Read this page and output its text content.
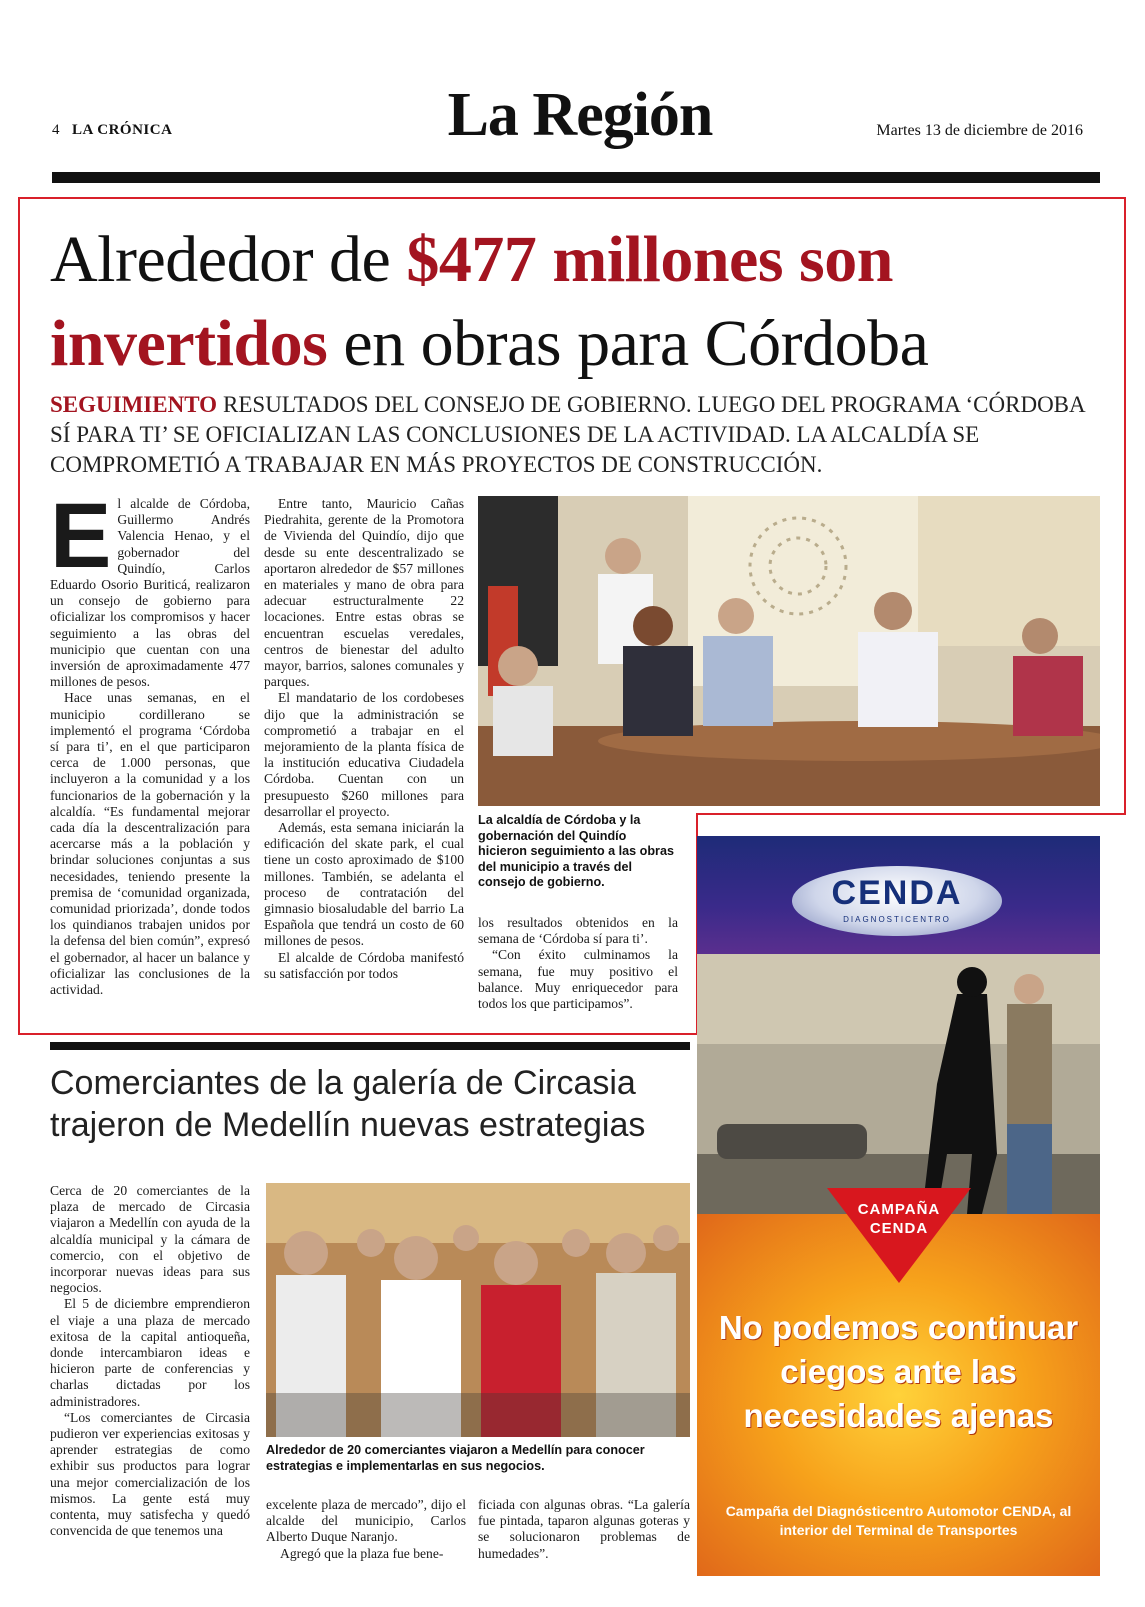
4 LA CRÓNICA	La Región	Martes 13 de diciembre de 2016
Alrededor de $477 millones son
invertidos en obras para Córdoba
SEGUIMIENTO RESULTADOS DEL CONSEJO DE GOBIERNO. LUEGO DEL PROGRAMA ‘CÓRDOBA SÍ PARA TI’ SE OFICIALIZAN LAS CONCLUSIONES DE LA ACTIVIDAD. LA ALCALDÍA SE COMPROMETIÓ A TRABAJAR EN MÁS PROYECTOS DE CONSTRUCCIÓN.

El alcalde de Córdoba, Guillermo Andrés Valencia Henao, y el gobernador del Quindío, Carlos Eduardo Osorio Buriticá, realizaron un consejo de gobierno para oficializar los compromisos y hacer seguimiento a las obras del municipio que cuentan con una inversión de aproximadamente 477 millones de pesos.

Hace unas semanas, en el municipio cordillerano se implementó el programa ‘Córdoba sí para ti’, en el que participaron cerca de 1.000 personas, que incluyeron a la comunidad y a los funcionarios de la gobernación y la alcaldía. “Es fundamental mejorar cada día la descentralización para acercarse más a la población y brindar soluciones conjuntas a sus necesidades, teniendo presente la premisa de ‘comunidad organizada, comunidad priorizada’, donde todos los quindianos trabajen unidos por la defensa del bien común”, expresó el gobernador, al hacer un balance y oficializar las conclusiones de la actividad.

Entre tanto, Mauricio Cañas Piedrahita, gerente de la Promotora de Vivienda del Quindío, dijo que desde su ente descentralizado se aportaron alrededor de $57 millones en materiales y mano de obra para adecuar estructuralmente 22 locaciones. Entre estas obras se encuentran escuelas veredales, centros de bienestar del adulto mayor, barrios, salones comunales y parques.

El mandatario de los cordobeses dijo que la administración se comprometió a trabajar en el mejoramiento de la planta física de la institución educativa Ciudadela Córdoba. Cuentan con un presupuesto $260 millones para desarrollar el proyecto.

Además, esta semana iniciarán la edificación del skate park, el cual tiene un costo aproximado de $100 millones. También, se adelanta el proceso de contratación del gimnasio biosaludable del barrio La Española que tendrá un costo de 60 millones de pesos.

El alcalde de Córdoba manifestó su satisfacción por todos

La alcaldía de Córdoba y la gobernación del Quindío hicieron seguimiento a las obras del municipio a través del consejo de gobierno.

los resultados obtenidos en la semana de ‘Córdoba sí para ti’.

“Con éxito culminamos la semana, fue muy positivo el balance. Muy enriquecedor para todos los que participamos”.

Comerciantes de la galería de Circasia trajeron de Medellín nuevas estrategias

Cerca de 20 comerciantes de la plaza de mercado de Circasia viajaron a Medellín con ayuda de la alcaldía municipal y la cámara de comercio, con el objetivo de incorporar nuevas ideas para sus negocios.

El 5 de diciembre emprendieron el viaje a una plaza de mercado exitosa de la capital antioqueña, donde intercambiaron ideas e hicieron parte de conferencias y charlas dictadas por los administradores.

“Los comerciantes de Circasia pudieron ver experiencias exitosas y aprender estrategias de como exhibir sus productos para lograr una mejor comercialización de los mismos. La gente está muy contenta, muy satisfecha y quedó convencida de que tenemos una

Alrededor de 20 comerciantes viajaron a Medellín para conocer estrategias e implementarlas en sus negocios.

excelente plaza de mercado”, dijo el alcalde del municipio, Carlos Alberto Duque Naranjo.

Agregó que la plaza fue bene-

ficiada con algunas obras. “La galería fue pintada, taparon algunas goteras y se solucionaron problemas de humedades”.

CENDA
DIAGNOSTICENTRO
CAMPAÑA CENDA
No podemos continuar ciegos ante las necesidades ajenas
Campaña del Diagnósticentro Automotor CENDA, al interior del Terminal de Transportes
